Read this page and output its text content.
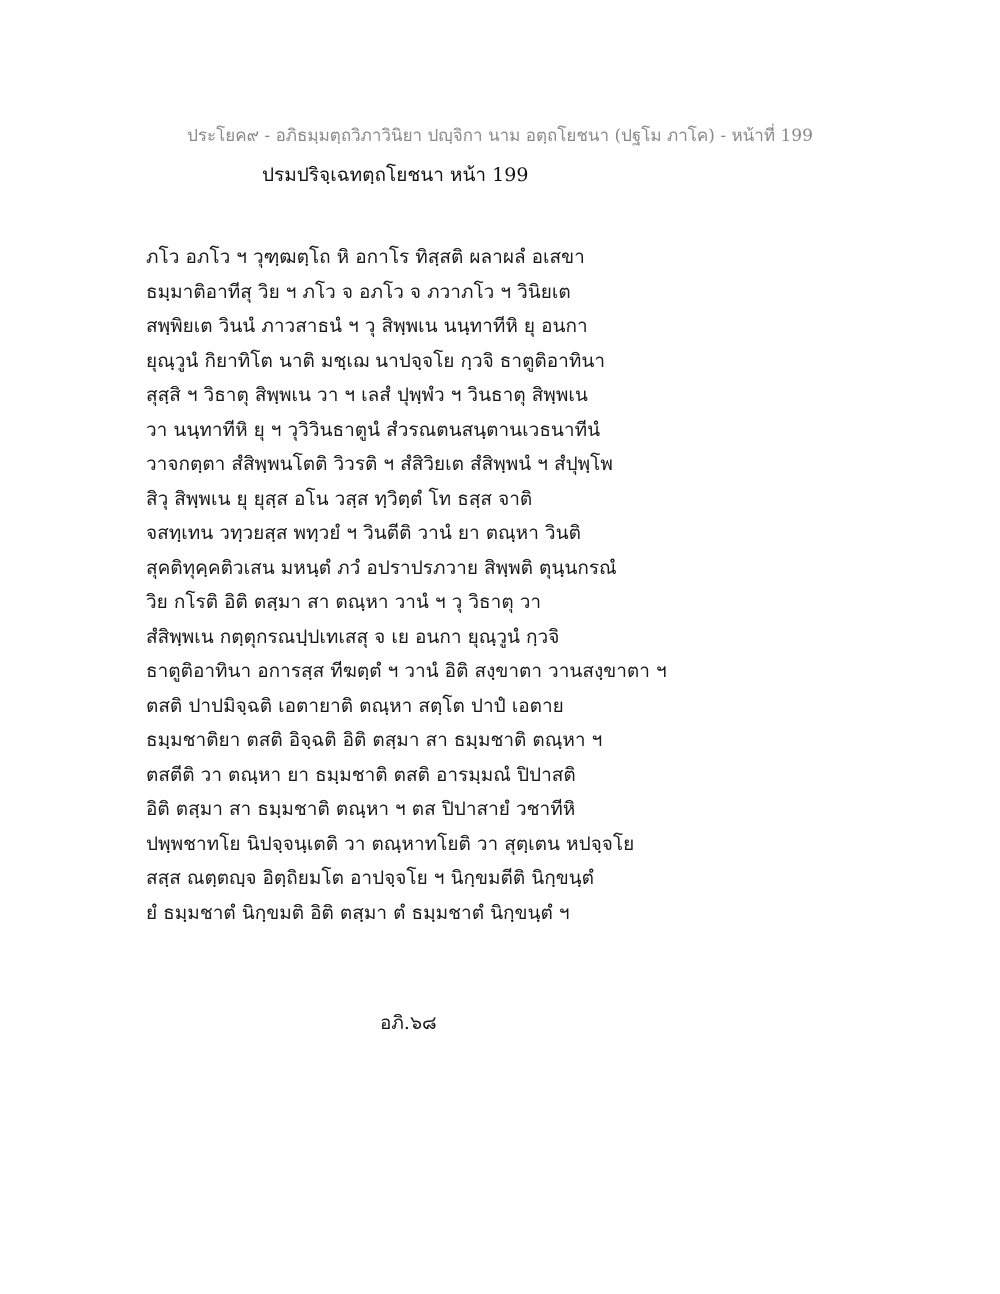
ประโยค๙ - อภิธมฺมตฺถวิภาวินิยา ปญฺจิกา นาม อตฺถโยชนา (ปฐโม ภาโค) - หน้าที่ 199
ปรมปริจฺเฉทตฺถโยชนา หน้า 199
ภโว อภโว ฯ วุฑฺฒตฺโถ หิ อกาโร ทิสฺสติ ผลาผลํ อเสขา
ธมฺมาติอาทีสุ วิย ฯ ภโว จ อภโว จ ภวาภโว ฯ วินิยเต
สพฺพิยเต วินนํ ภาวสาธนํ ฯ วุ สิพฺพเน นนฺทาทีหิ ยุ อนกา
ยุณฺวูนํ กิยาทิโต นาติ มชฺเฌ นาปจฺจโย กฺวจิ ธาตูติอาทินา
สุสฺสิ ฯ วิธาตุ สิพฺพเน วา ฯ เลสํ ปุพฺพํว ฯ วินธาตุ สิพฺพเน
วา นนฺทาทีหิ ยุ ฯ วุวิวินธาตูนํ สํวรณตนสนฺตานเวธนาทีนํ
วาจกตฺตา สํสิพฺพนโตติ วิวรติ ฯ สํสิวิยเต สํสิพฺพนํ ฯ สํปุพฺโพ
สิวุ สิพฺพเน ยุ ยุสฺส อโน วสฺส ทฺวิตฺตํ โท ธสฺส จาติ
จสทฺเทน วทฺวยสฺส พทฺวยํ ฯ วินตีติ วานํ ยา ตณฺหา วินติ
สุคติทุคฺคติวเสน มหนฺตํ ภวํ อปราปรภวาย สิพฺพติ ตุนฺนกรณํ
วิย กโรติ อิติ ตสฺมา สา ตณฺหา วานํ ฯ วุ วิธาตุ วา
สํสิพฺพเน กตฺตุกรณปฺปเทเสสุ จ เย อนกา ยุณฺวูนํ กฺวจิ
ธาตูติอาทินา อการสฺส ทีฆตฺตํ ฯ วานํ อิติ สงฺขาตา วานสงฺขาตา ฯ
ตสติ ปาปมิจฺฉติ เอตายาติ ตณฺหา สตฺโต ปาปํ เอตาย
ธมฺมชาติยา ตสติ อิจฺฉติ อิติ ตสฺมา สา ธมฺมชาติ ตณฺหา ฯ
ตสตีติ วา ตณฺหา ยา ธมฺมชาติ ตสติ อารมฺมณํ ปิปาสติ
อิติ ตสฺมา สา ธมฺมชาติ ตณฺหา ฯ ตส ปิปาสายํ วชาทีหิ
ปพฺพชาทโย นิปจฺจนฺเตติ วา ตณฺหาทโยติ วา สุตฺเตน หปจฺจโย
สสฺส ณตฺตญฺจ อิตฺถิยมโต อาปจฺจโย ฯ นิกฺขมตีติ นิกฺขนฺตํ
ยํ ธมฺมชาตํ นิกฺขมติ อิติ ตสฺมา ตํ ธมฺมชาตํ นิกฺขนฺตํ ฯ
อภิ.๖๘
